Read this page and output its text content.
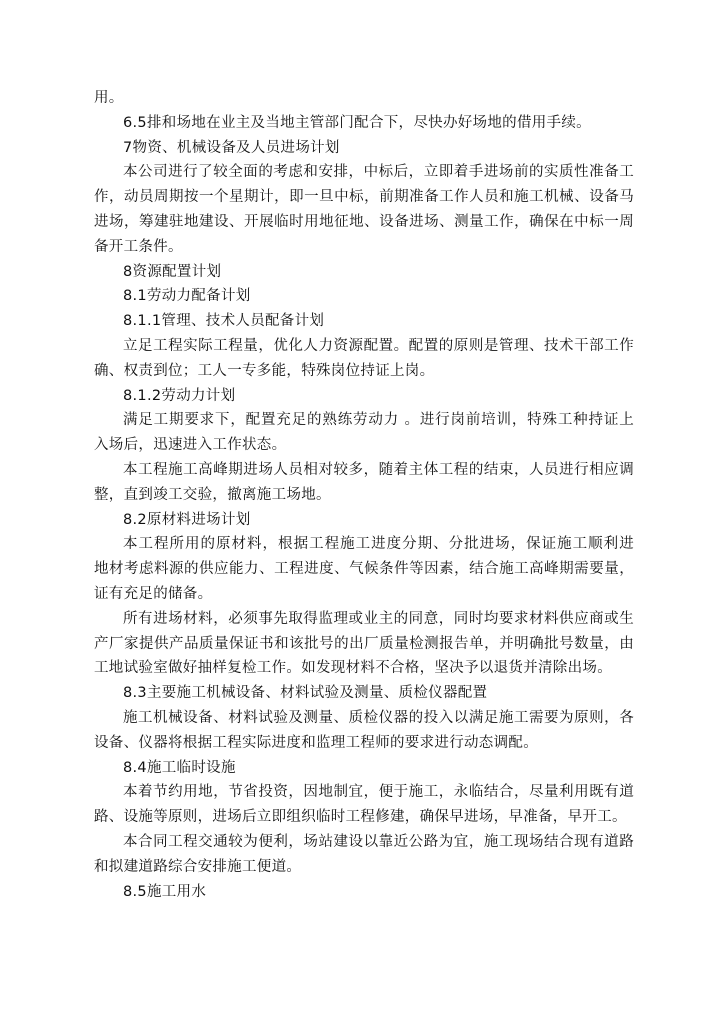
用。
6.5排和场地在业主及当地主管部门配合下，尽快办好场地的借用手续。
7物资、机械设备及人员进场计划
本公司进行了较全面的考虑和安排，中标后，立即着手进场前的实质性准备工
作，动员周期按一个星期计，即一旦中标，前期准备工作人员和施工机械、设备马
进场，筹建驻地建设、开展临时用地征地、设备进场、测量工作，确保在中标一周
备开工条件。
8资源配置计划
8.1劳动力配备计划
8.1.1管理、技术人员配备计划
立足工程实际工程量，优化人力资源配置。配置的原则是管理、技术干部工作
确、权责到位；工人一专多能，特殊岗位持证上岗。
8.1.2劳动力计划
满足工期要求下，配置充足的熟练劳动力 。进行岗前培训，特殊工种持证上
入场后，迅速进入工作状态。
本工程施工高峰期进场人员相对较多，随着主体工程的结束，人员进行相应调
整，直到竣工交验，撤离施工场地。
8.2原材料进场计划
本工程所用的原材料，根据工程施工进度分期、分批进场，保证施工顺利进
地材考虑料源的供应能力、工程进度、气候条件等因素，结合施工高峰期需要量，
证有充足的储备。
所有进场材料，必须事先取得监理或业主的同意，同时均要求材料供应商或生
产厂家提供产品质量保证书和该批号的出厂质量检测报告单，并明确批号数量，由
工地试验室做好抽样复检工作。如发现材料不合格，坚决予以退货并清除出场。
8.3主要施工机械设备、材料试验及测量、质检仪器配置
施工机械设备、材料试验及测量、质检仪器的投入以满足施工需要为原则，各
设备、仪器将根据工程实际进度和监理工程师的要求进行动态调配。
8.4施工临时设施
本着节约用地，节省投资，因地制宜，便于施工，永临结合，尽量利用既有道
路、设施等原则，进场后立即组织临时工程修建，确保早进场，早准备，早开工。
本合同工程交通较为便利，场站建设以靠近公路为宜，施工现场结合现有道路
和拟建道路综合安排施工便道。
8.5施工用水
